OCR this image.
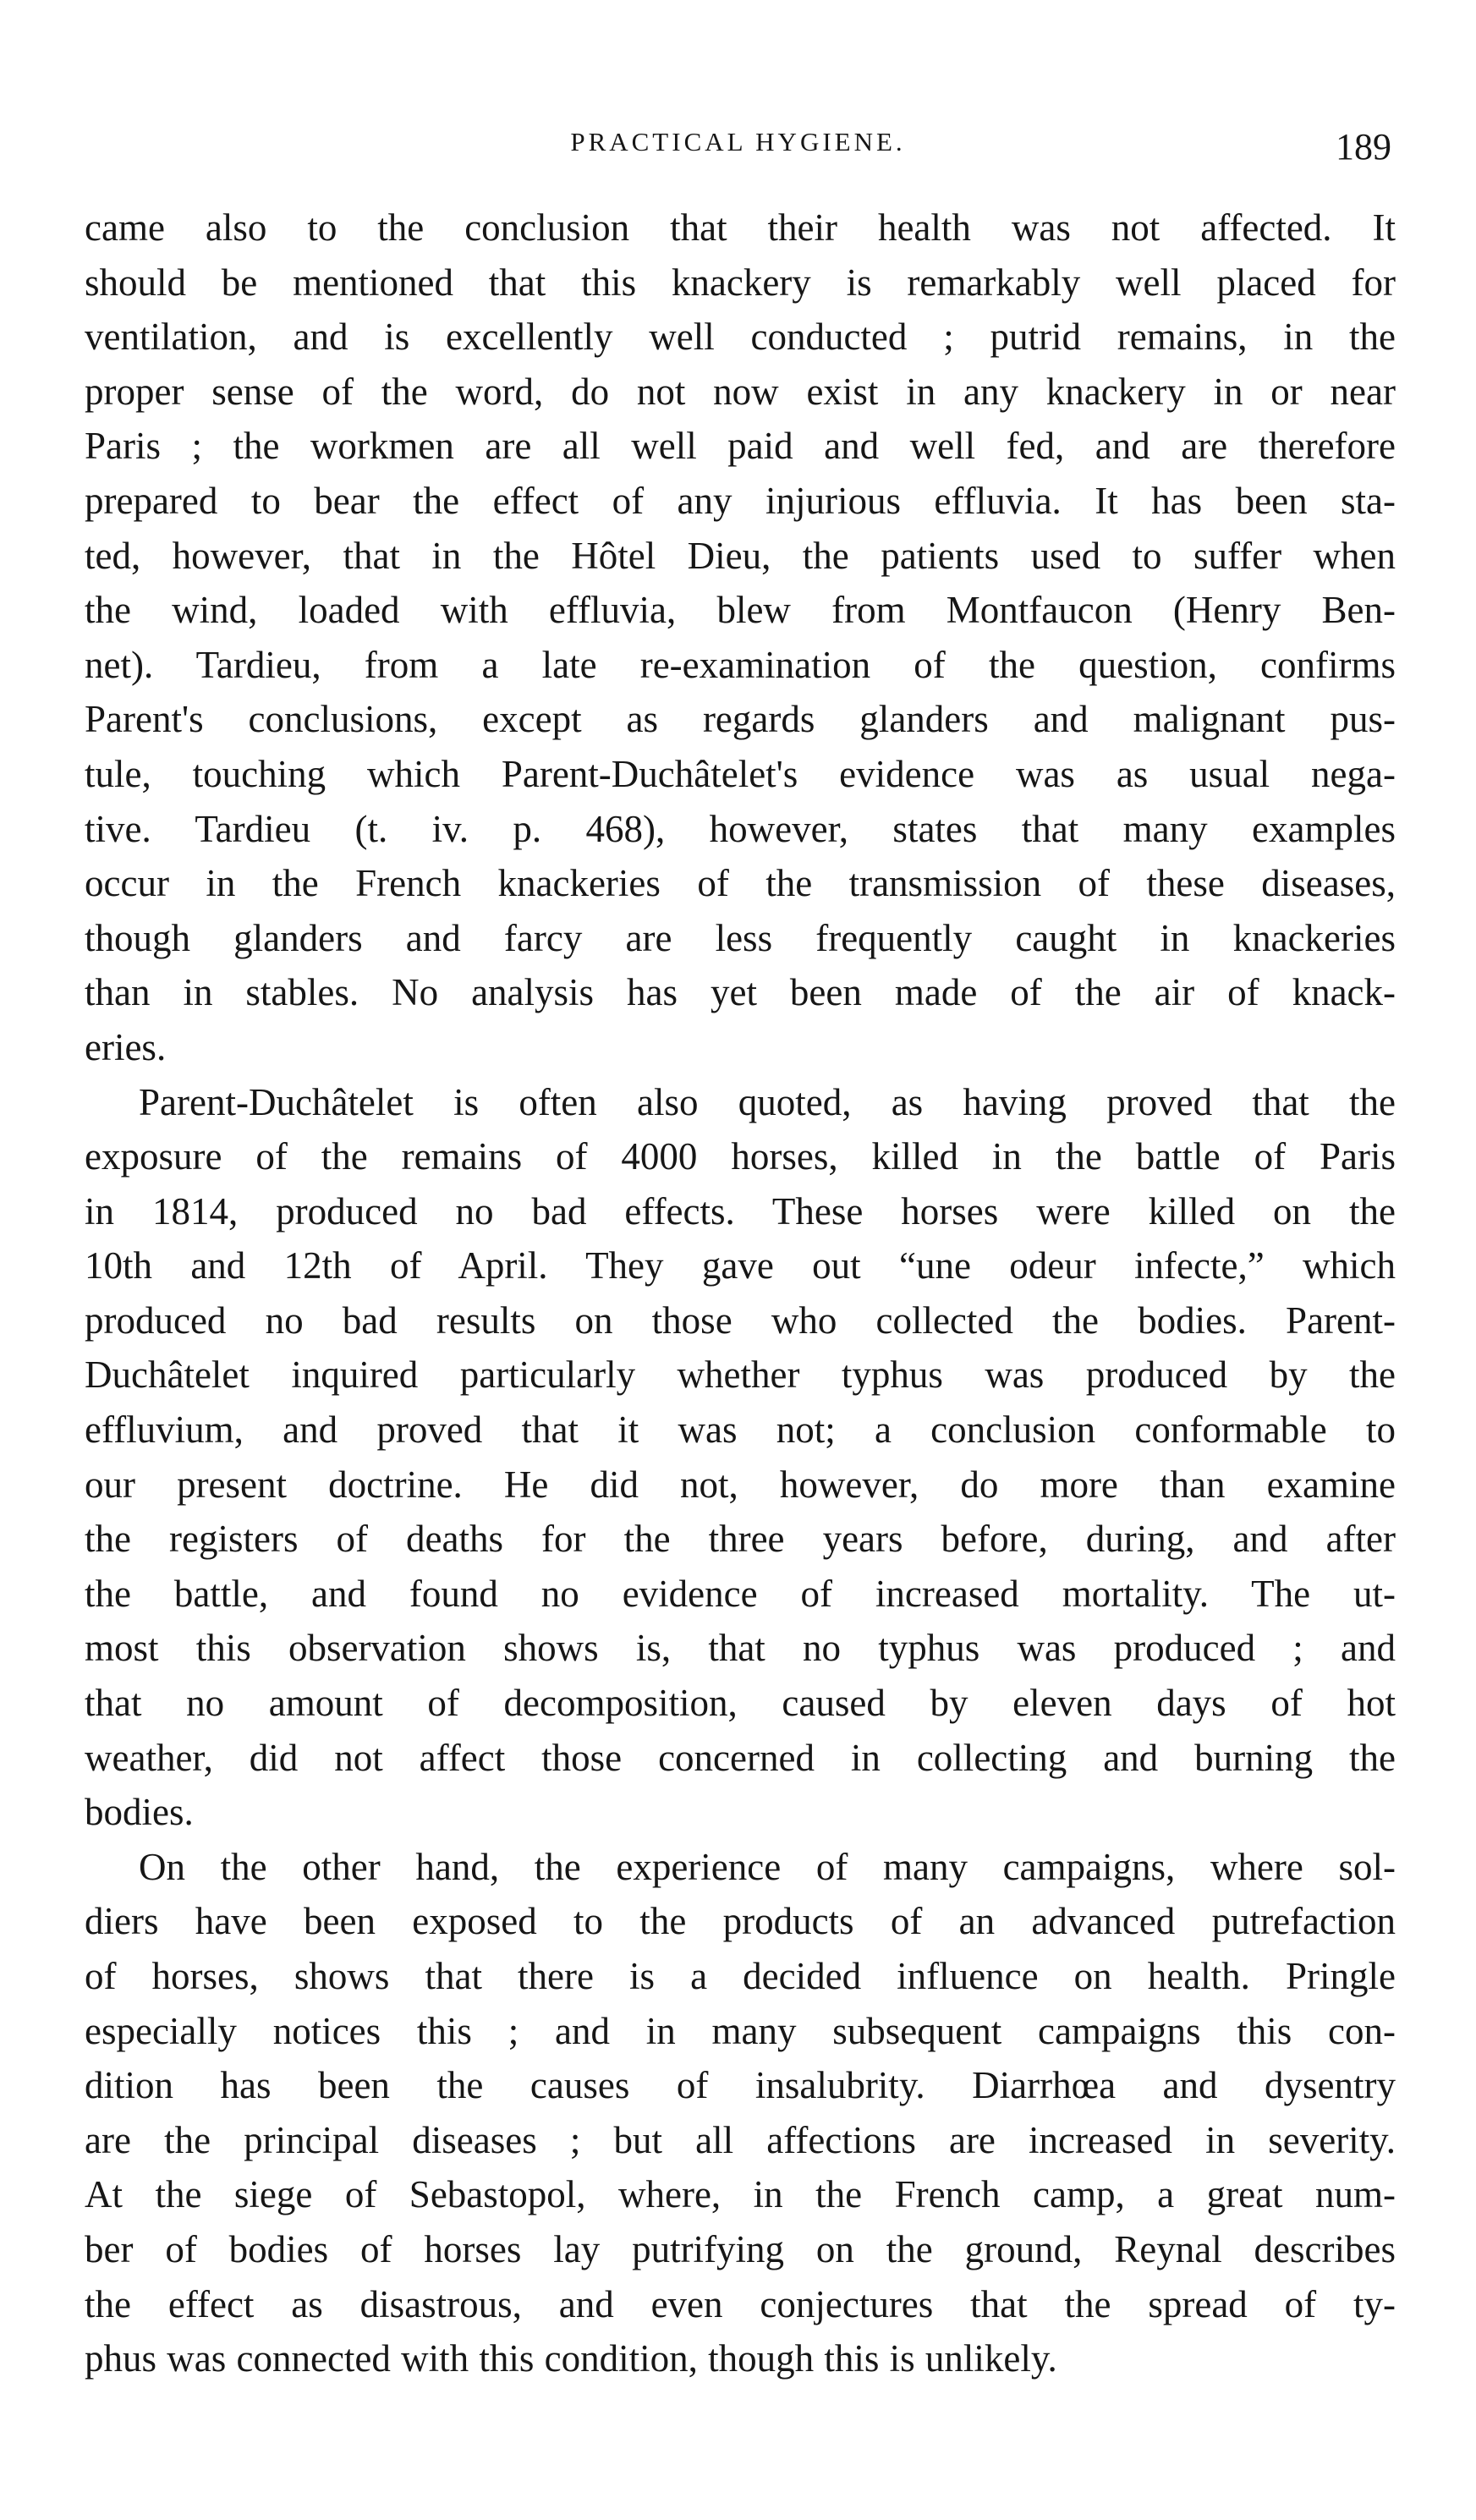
PRACTICAL HYGIENE.	189

came also to the conclusion that their health was not affected. It
should be mentioned that this knackery is remarkably well placed for
ventilation, and is excellently well conducted ; putrid remains, in the
proper sense of the word, do not now exist in any knackery in or near
Paris ; the workmen are all well paid and well fed, and are therefore
prepared to bear the effect of any injurious effluvia. It has been sta-
ted, however, that in the Hôtel Dieu, the patients used to suffer when
the wind, loaded with effluvia, blew from Montfaucon (Henry Ben-
net). Tardieu, from a late re-examination of the question, confirms
Parent's conclusions, except as regards glanders and malignant pus-
tule, touching which Parent-Duchâtelet's evidence was as usual nega-
tive. Tardieu (t. iv. p. 468), however, states that many examples
occur in the French knackeries of the transmission of these diseases,
though glanders and farcy are less frequently caught in knackeries
than in stables. No analysis has yet been made of the air of knack-
eries.

Parent-Duchâtelet is often also quoted, as having proved that the
exposure of the remains of 4000 horses, killed in the battle of Paris
in 1814, produced no bad effects. These horses were killed on the
10th and 12th of April. They gave out “une odeur infecte,” which
produced no bad results on those who collected the bodies. Parent-
Duchâtelet inquired particularly whether typhus was produced by the
effluvium, and proved that it was not; a conclusion conformable to
our present doctrine. He did not, however, do more than examine
the registers of deaths for the three years before, during, and after
the battle, and found no evidence of increased mortality. The ut-
most this observation shows is, that no typhus was produced ; and
that no amount of decomposition, caused by eleven days of hot
weather, did not affect those concerned in collecting and burning the
bodies.

On the other hand, the experience of many campaigns, where sol-
diers have been exposed to the products of an advanced putrefaction
of horses, shows that there is a decided influence on health. Pringle
especially notices this ; and in many subsequent campaigns this con-
dition has been the causes of insalubrity. Diarrhœa and dysentry
are the principal diseases ; but all affections are increased in severity.
At the siege of Sebastopol, where, in the French camp, a great num-
ber of bodies of horses lay putrifying on the ground, Reynal describes
the effect as disastrous, and even conjectures that the spread of ty-
phus was connected with this condition, though this is unlikely.
